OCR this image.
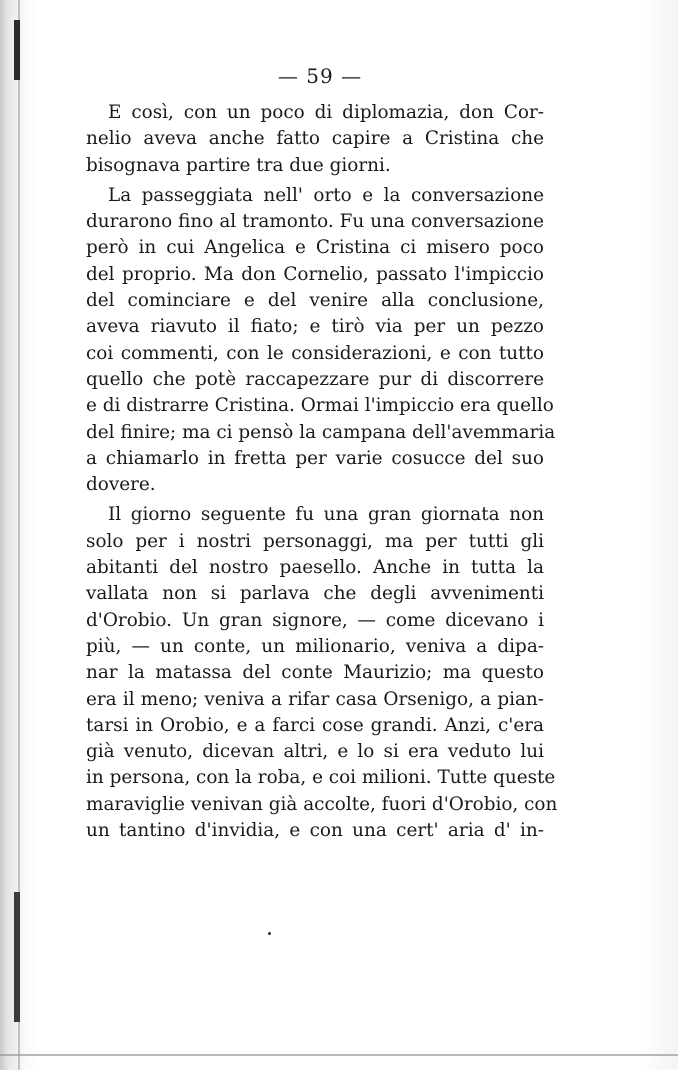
— 59 —
E così, con un poco di diplomazia, don Cor-
nelio aveva anche fatto capire a Cristina che
bisognava partire tra due giorni.
La passeggiata nell' orto e la conversazione
durarono fino al tramonto. Fu una conversazione
però in cui Angelica e Cristina ci misero poco
del proprio. Ma don Cornelio, passato l'impiccio
del cominciare e del venire alla conclusione,
aveva riavuto il fiato; e tirò via per un pezzo
coi commenti, con le considerazioni, e con tutto
quello che potè raccapezzare pur di discorrere
e di distrarre Cristina. Ormai l'impiccio era quello
del finire; ma ci pensò la campana dell'avemmaria
a chiamarlo in fretta per varie cosucce del suo
dovere.
Il giorno seguente fu una gran giornata non
solo per i nostri personaggi, ma per tutti gli
abitanti del nostro paesello. Anche in tutta la
vallata non si parlava che degli avvenimenti
d'Orobio. Un gran signore, — come dicevano i
più, — un conte, un milionario, veniva a dipa-
nar la matassa del conte Maurizio; ma questo
era il meno; veniva a rifar casa Orsenigo, a pian-
tarsi in Orobio, e a farci cose grandi. Anzi, c'era
già venuto, dicevan altri, e lo si era veduto lui
in persona, con la roba, e coi milioni. Tutte queste
maraviglie venivan già accolte, fuori d'Orobio, con
un tantino d'invidia, e con una cert' aria d' in-
